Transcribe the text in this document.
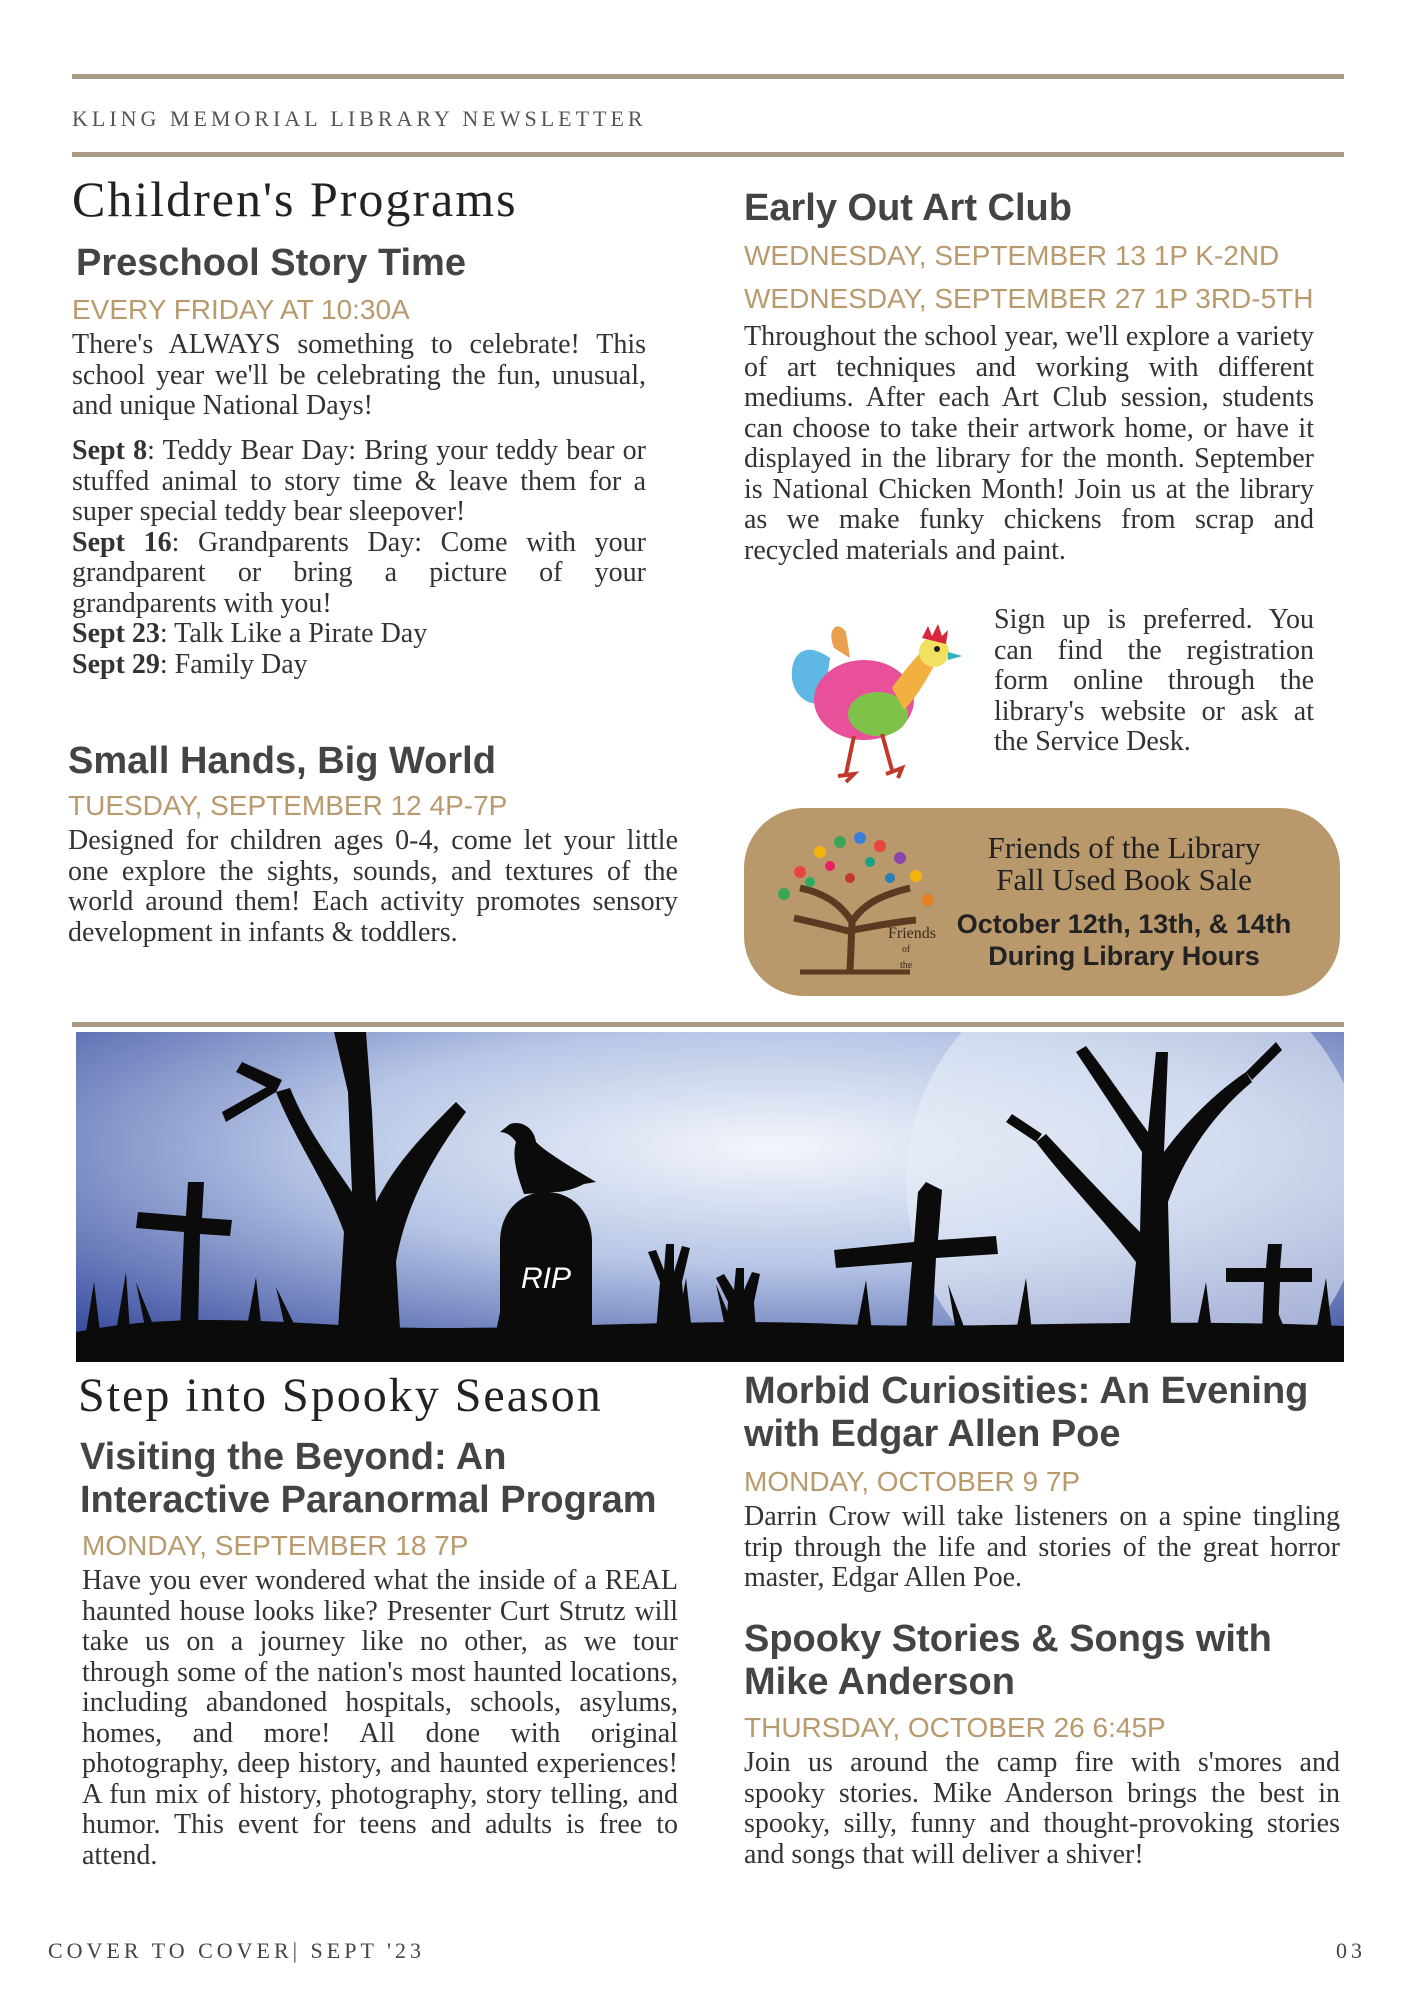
KLING MEMORIAL LIBRARY NEWSLETTER
Children's Programs
Preschool Story Time
EVERY FRIDAY AT 10:30A

There's ALWAYS something to celebrate! This school year we'll be celebrating the fun, unusual, and unique National Days!

Sept 8: Teddy Bear Day: Bring your teddy bear or stuffed animal to story time & leave them for a super special teddy bear sleepover!

Sept 16: Grandparents Day: Come with your grandparent or bring a picture of your grandparents with you!

Sept 23: Talk Like a Pirate Day

Sept 29: Family Day

Small Hands, Big World
TUESDAY, SEPTEMBER 12 4P-7P

Designed for children ages 0-4, come let your little one explore the sights, sounds, and textures of the world around them! Each activity promotes sensory development in infants & toddlers.

Early Out Art Club
WEDNESDAY, SEPTEMBER 13 1P K-2ND
WEDNESDAY, SEPTEMBER 27 1P 3RD-5TH

Throughout the school year, we'll explore a variety of art techniques and working with different mediums. After each Art Club session, students can choose to take their artwork home, or have it displayed in the library for the month. September is National Chicken Month! Join us at the library as we make funky chickens from scrap and recycled materials and paint.

Sign up is preferred. You can find the registration form online through the library's website or ask at the Service Desk.

Friends
of
the
Friends of the Library
Fall Used Book Sale
October 12th, 13th, & 14th
During Library Hours
RIP
Step into Spooky Season
Visiting the Beyond: An Interactive Paranormal Program
MONDAY, SEPTEMBER 18 7P

Have you ever wondered what the inside of a REAL haunted house looks like? Presenter Curt Strutz will take us on a journey like no other, as we tour through some of the nation's most haunted locations, including abandoned hospitals, schools, asylums, homes, and more! All done with original photography, deep history, and haunted experiences! A fun mix of history, photography, story telling, and humor. This event for teens and adults is free to attend.

Morbid Curiosities: An Evening with Edgar Allen Poe
MONDAY, OCTOBER 9 7P

Darrin Crow will take listeners on a spine tingling trip through the life and stories of the great horror master, Edgar Allen Poe.

Spooky Stories & Songs with Mike Anderson
THURSDAY, OCTOBER 26 6:45P

Join us around the camp fire with s'mores and spooky stories. Mike Anderson brings the best in spooky, silly, funny and thought-provoking stories and songs that will deliver a shiver!

COVER TO COVER| SEPT '23	03
